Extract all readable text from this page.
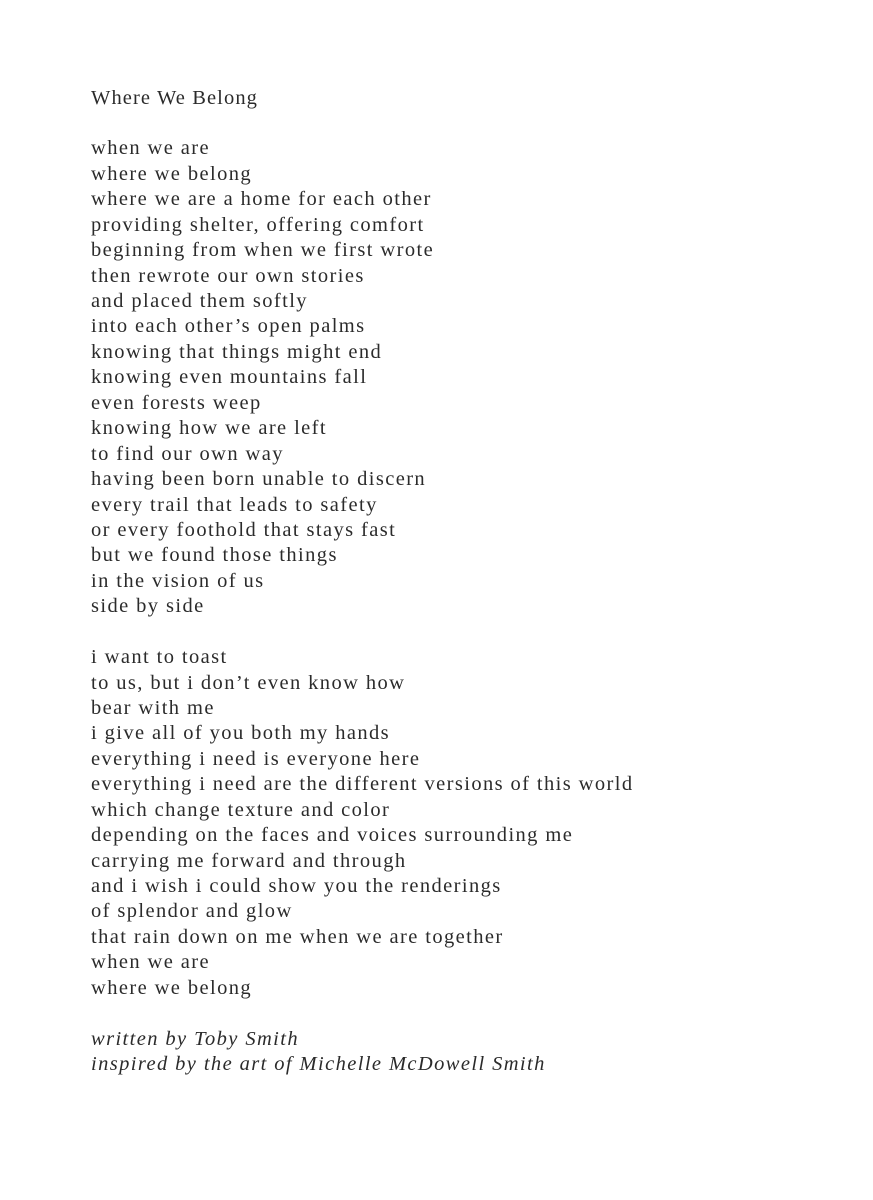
Where We Belong
when we are
where we belong
where we are a home for each other
providing shelter, offering comfort
beginning from when we first wrote
then rewrote our own stories
and placed them softly
into each other’s open palms
knowing that things might end
knowing even mountains fall
even forests weep
knowing how we are left
to find our own way
having been born unable to discern
every trail that leads to safety
or every foothold that stays fast
but we found those things
in the vision of us
side by side
i want to toast
to us, but i don’t even know how
bear with me
i give all of you both my hands
everything i need is everyone here
everything i need are the different versions of this world
which change texture and color
depending on the faces and voices surrounding me
carrying me forward and through
and i wish i could show you the renderings
of splendor and glow
that rain down on me when we are together
when we are
where we belong
written by Toby Smith
inspired by the art of Michelle McDowell Smith
